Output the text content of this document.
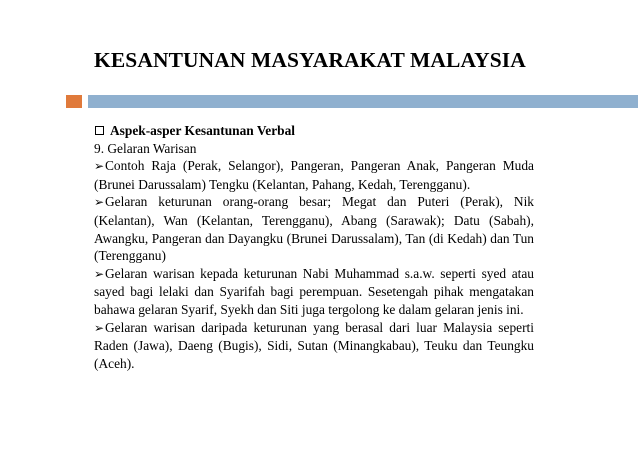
KESANTUNAN MASYARAKAT MALAYSIA
Aspek-asper Kesantunan Verbal
9. Gelaran Warisan
➢Contoh Raja (Perak, Selangor), Pangeran, Pangeran Anak, Pangeran Muda (Brunei Darussalam) Tengku (Kelantan, Pahang, Kedah, Terengganu).
➢Gelaran keturunan orang-orang besar; Megat dan Puteri (Perak), Nik (Kelantan), Wan (Kelantan, Terengganu), Abang (Sarawak); Datu (Sabah), Awangku, Pangeran dan Dayangku (Brunei Darussalam), Tan (di Kedah) dan Tun (Terengganu)
➢Gelaran warisan kepada keturunan Nabi Muhammad s.a.w. seperti syed atau sayed bagi lelaki dan Syarifah bagi perempuan. Sesetengah pihak mengatakan bahawa gelaran Syarif, Syekh dan Siti juga tergolong ke dalam gelaran jenis ini.
➢Gelaran warisan daripada keturunan yang berasal dari luar Malaysia seperti Raden (Jawa), Daeng (Bugis), Sidi, Sutan (Minangkabau), Teuku dan Teungku (Aceh).
